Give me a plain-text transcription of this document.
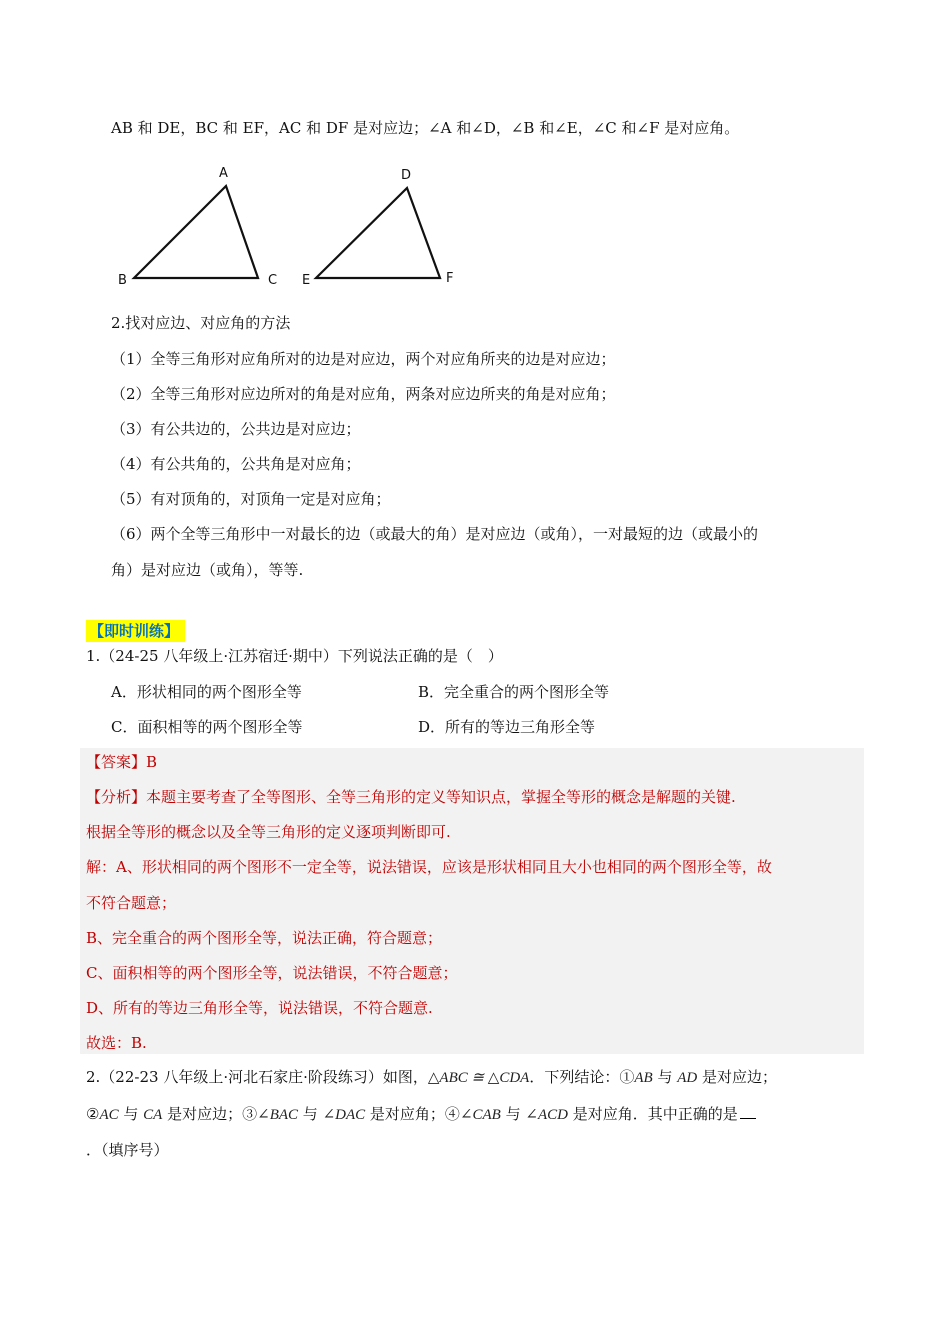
AB 和 DE，BC 和 EF，AC 和 DF 是对应边；∠A 和∠D，∠B 和∠E，∠C 和∠F 是对应角。
A
B	C
D
E	F
2.找对应边、对应角的方法
（1）全等三角形对应角所对的边是对应边，两个对应角所夹的边是对应边；
（2）全等三角形对应边所对的角是对应角，两条对应边所夹的角是对应角；
（3）有公共边的，公共边是对应边；
（4）有公共角的，公共角是对应角；
（5）有对顶角的，对顶角一定是对应角；
（6）两个全等三角形中一对最长的边（或最大的角）是对应边（或角），一对最短的边（或最小的
角）是对应边（或角），等等.
【即时训练】
1.（24-25 八年级上·江苏宿迁·期中）下列说法正确的是（　）
A．形状相同的两个图形全等	B．完全重合的两个图形全等
C．面积相等的两个图形全等	D．所有的等边三角形全等
【答案】B
【分析】本题主要考查了全等图形、全等三角形的定义等知识点，掌握全等形的概念是解题的关键.
根据全等形的概念以及全等三角形的定义逐项判断即可.
解：A、形状相同的两个图形不一定全等，说法错误，应该是形状相同且大小也相同的两个图形全等，故
不符合题意；
B、完全重合的两个图形全等，说法正确，符合题意；
C、面积相等的两个图形全等，说法错误，不符合题意；
D、所有的等边三角形全等，说法错误，不符合题意.
故选：B.
2.（22-23 八年级上·河北石家庄·阶段练习）如图，△ABC ≅ △CDA．下列结论：①AB 与 AD 是对应边；
②AC 与 CA 是对应边；③∠BAC 与 ∠DAC 是对应角；④∠CAB 与 ∠ACD 是对应角．其中正确的是
．（填序号）
